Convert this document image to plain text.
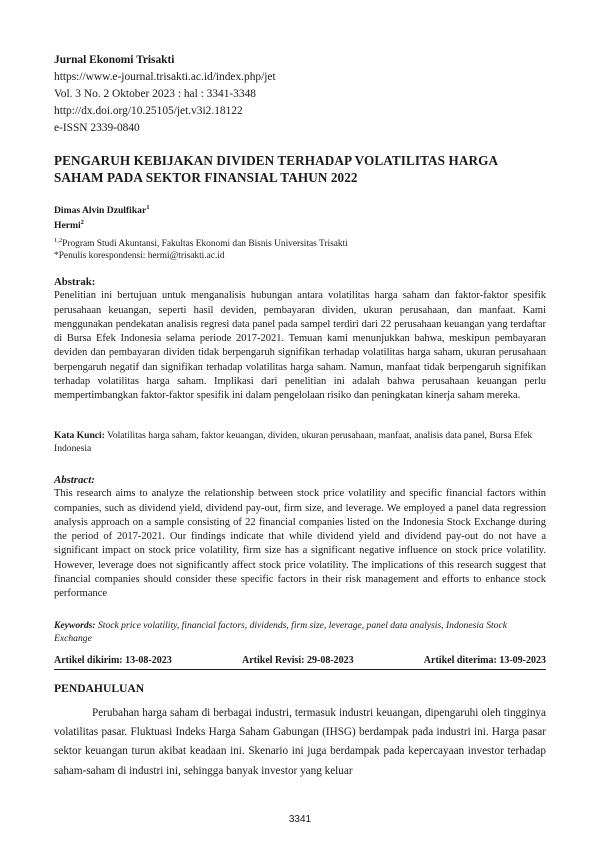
Jurnal Ekonomi Trisakti
https://www.e-journal.trisakti.ac.id/index.php/jet
Vol. 3 No. 2 Oktober 2023 : hal : 3341-3348
http://dx.doi.org/10.25105/jet.v3i2.18122
e-ISSN 2339-0840
PENGARUH KEBIJAKAN DIVIDEN TERHADAP VOLATILITAS HARGA
SAHAM PADA SEKTOR FINANSIAL TAHUN 2022
Dimas Alvin Dzulfikar$^1$
Hermi$^2$
$^{1,2}$Program Studi Akuntansi, Fakultas Ekonomi dan Bisnis Universitas Trisakti
*Penulis korespondensi: hermi@trisakti.ac.id
Abstrak:

Penelitian ini bertujuan untuk menganalisis hubungan antara volatilitas harga saham dan faktor-faktor spesifik perusahaan keuangan, seperti hasil deviden, pembayaran dividen, ukuran perusahaan, dan manfaat. Kami menggunakan pendekatan analisis regresi data panel pada sampel terdiri dari 22 perusahaan keuangan yang terdaftar di Bursa Efek Indonesia selama periode 2017-2021. Temuan kami menunjukkan bahwa, meskipun pembayaran deviden dan pembayaran dividen tidak berpengaruh signifikan terhadap volatilitas harga saham, ukuran perusahaan berpengaruh negatif dan signifikan terhadap volatilitas harga saham. Namun, manfaat tidak berpengaruh signifikan terhadap volatilitas harga saham. Implikasi dari penelitian ini adalah bahwa perusahaan keuangan perlu mempertimbangkan faktor-faktor spesifik ini dalam pengelolaan risiko dan peningkatan kinerja saham mereka.

Kata Kunci: Volatilitas harga saham, faktor keuangan, dividen, ukuran perusahaan, manfaat, analisis data panel, Bursa Efek Indonesia
Abstract:

This research aims to analyze the relationship between stock price volatility and specific financial factors within companies, such as dividend yield, dividend pay-out, firm size, and leverage. We employed a panel data regression analysis approach on a sample consisting of 22 financial companies listed on the Indonesia Stock Exchange during the period of 2017-2021. Our findings indicate that while dividend yield and dividend pay-out do not have a significant impact on stock price volatility, firm size has a significant negative influence on stock price volatility. However, leverage does not significantly affect stock price volatility. The implications of this research suggest that financial companies should consider these specific factors in their risk management and efforts to enhance stock performance

Keywords: Stock price volatility, financial factors, dividends, firm size, leverage, panel data analysis, Indonesia Stock Exchange
Artikel dikirim: 13-08-2023	Artikel Revisi: 29-08-2023	Artikel diterima: 13-09-2023
PENDAHULUAN

Perubahan harga saham di berbagai industri, termasuk industri keuangan, dipengaruhi oleh tingginya volatilitas pasar. Fluktuasi Indeks Harga Saham Gabungan (IHSG) berdampak pada industri ini. Harga pasar sektor keuangan turun akibat keadaan ini. Skenario ini juga berdampak pada kepercayaan investor terhadap saham-saham di industri ini, sehingga banyak investor yang keluar

3341
